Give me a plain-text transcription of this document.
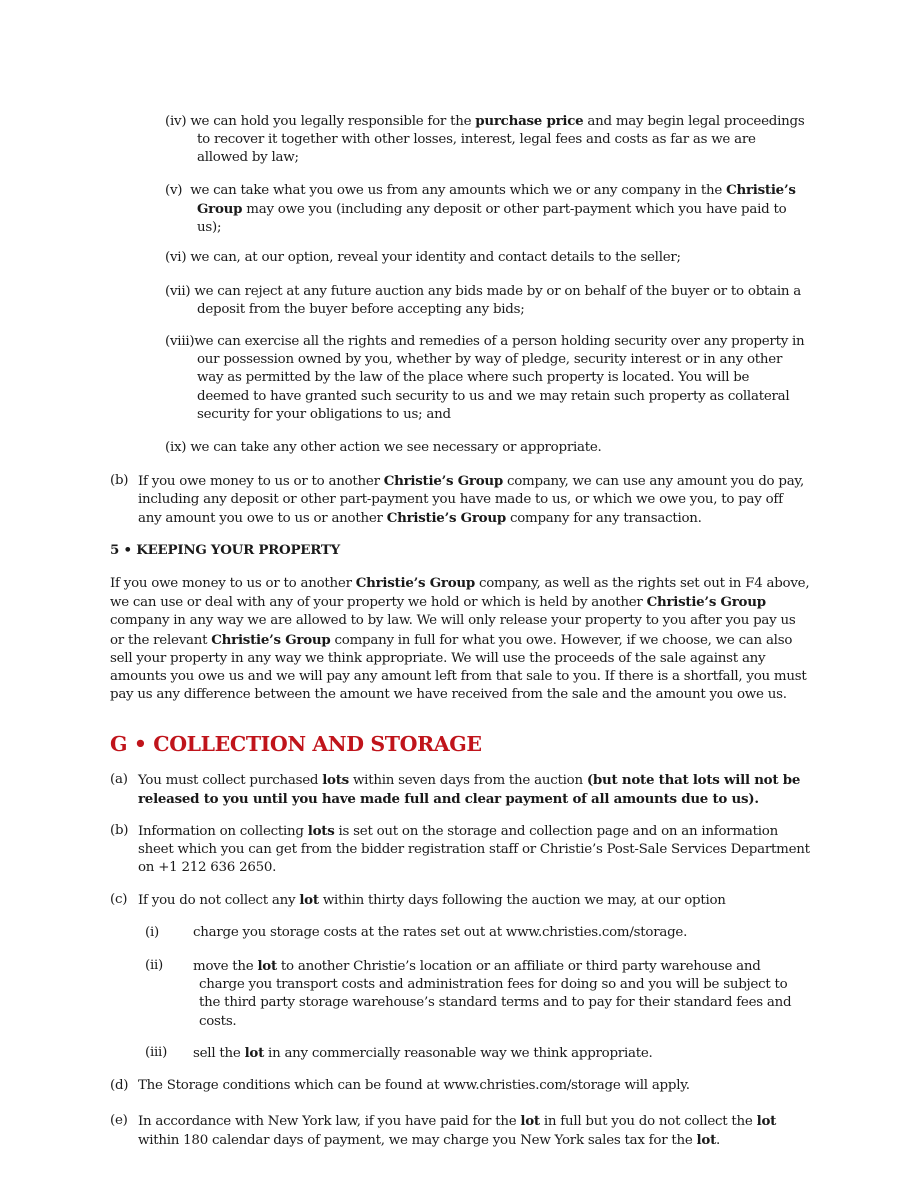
(iv) we can hold you legally responsible for the purchase price and may begin legal proceedings to recover it together with other losses, interest, legal fees and costs as far as we are allowed by law;
(v) we can take what you owe us from any amounts which we or any company in the Christie’s Group may owe you (including any deposit or other part-payment which you have paid to us);
(vi) we can, at our option, reveal your identity and contact details to the seller;
(vii) we can reject at any future auction any bids made by or on behalf of the buyer or to obtain a deposit from the buyer before accepting any bids;
(viii)we can exercise all the rights and remedies of a person holding security over any property in our possession owned by you, whether by way of pledge, security interest or in any other way as permitted by the law of the place where such property is located. You will be deemed to have granted such security to us and we may retain such property as collateral security for your obligations to us; and
(ix) we can take any other action we see necessary or appropriate.
(b) If you owe money to us or to another Christie’s Group company, we can use any amount you do pay, including any deposit or other part-payment you have made to us, or which we owe you, to pay off any amount you owe to us or another Christie’s Group company for any transaction.
5 • KEEPING YOUR PROPERTY

If you owe money to us or to another Christie’s Group company, as well as the rights set out in F4 above, we can use or deal with any of your property we hold or which is held by another Christie’s Group company in any way we are allowed to by law. We will only release your property to you after you pay us or the relevant Christie’s Group company in full for what you owe. However, if we choose, we can also sell your property in any way we think appropriate. We will use the proceeds of the sale against any amounts you owe us and we will pay any amount left from that sale to you. If there is a shortfall, you must pay us any difference between the amount we have received from the sale and the amount you owe us.

G • COLLECTION AND STORAGE
(a) You must collect purchased lots within seven days from the auction (but note that lots will not be released to you until you have made full and clear payment of all amounts due to us).
(b) Information on collecting lots is set out on the storage and collection page and on an information sheet which you can get from the bidder registration staff or Christie’s Post-Sale Services Department on +1 212 636 2650.
(c) If you do not collect any lot within thirty days following the auction we may, at our option
(i)	charge you storage costs at the rates set out at www.christies.com/storage.
(ii) move the lot to another Christie’s location or an affiliate or third party warehouse and charge you transport costs and administration fees for doing so and you will be subject to the third party storage warehouse’s standard terms and to pay for their standard fees and costs.
(iii) sell the lot in any commercially reasonable way we think appropriate.
(d) The Storage conditions which can be found at www.christies.com/storage will apply.
(e) In accordance with New York law, if you have paid for the lot in full but you do not collect the lot within 180 calendar days of payment, we may charge you New York sales tax for the lot.
